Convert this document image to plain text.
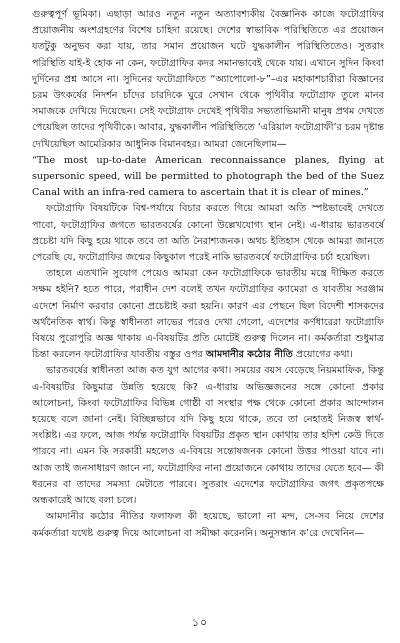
গুরুত্বপূর্ণ ভূমিকা। এছাড়া আরও নতুন নতুন অত্যাবশ্যকীয় বৈজ্ঞানিক কাজে ফটোগ্রাফির প্রয়োজনীয় অংশগ্রহণের বিশেষ চাহিদা রয়েছে। দেশের স্বাভাবিক পরিস্থিতিতে এর প্রয়োজন যতটুকু অনুভব করা যায়, তার সমান প্রয়োজন ঘটে যুদ্ধকালীন পরিস্থিতিতেও। সুতরাং পরিস্থিতি যাই-ই হোক না কেন, ফটোগ্রাফির কদর সমানভাবেই থেকে যায়। এখানে সুদিন কিংবা দুর্দিনের প্রশ্ন আসে না। সুদিনের ফটোগ্রাফিতে “অ্যাপোলো-৮”–এর মহাকাশচারীরা বিজ্ঞানের চরম উৎকর্ষের নিদর্শন চাঁদের চারদিকে ঘুরে সেখান থেকে পৃথিবীর ফটোগ্রাফ তুলে মানব সমাজকে দেখিয়ে দিয়েছেন। সেই ফটোগ্রাফ দেখেই পৃথিবীর সভ্যতাভিমানী মানুষ প্রথম দেখতে পেয়েছিল তাদের পৃথিবীকে। আবার, যুদ্ধকালীন পরিস্থিতিতে ‘এরিয়াল ফটোগ্রাফী’র চরম দৃষ্টান্ত দেখিয়েছিল আমেরিকার আধুনিক বিমানবহর। আমরা জেনেছিলাম—

“The most up-to-date American reconnaissance planes, flying at supersonic speed, will be permitted to photograph the bed of the Suez Canal with an infra-red camera to ascertain that it is clear of mines.”

ফটোগ্রাফি বিষয়টিকে বিশ্ব-পর্যায়ে বিচার করতে গিয়ে আমরা অতি স্পষ্টভাবেই দেখতে পাবো, ফটোগ্রাফির জগতে ভারতবর্ষের কোনো উল্লেখযোগ্য স্থান নেই। এ-ধারায় ভারতবর্ষে প্রচেষ্টা যদি কিছু হয়ে থাকে তবে তা অতি নৈরাশ্যজনক। অথচ ইতিহাস থেকে আমরা জানতে পেরেছি যে, ফটোগ্রাফির জন্মের কিছুকাল পরেই নাকি ভারতবর্ষে ফটোগ্রাফির চর্চা হয়েছিল।

তাহলে এতখানি সুযোগ পেয়েও আমরা কেন ফটোগ্রাফিকে ভারতীয় মন্ত্রে দীক্ষিত করতে সক্ষম হইনি? হতে পারে, পরাধীন দেশ বলেই তখন ফটোগ্রাফির ক্যামেরা ও যাবতীয় সরঞ্জাম এদেশে নির্মাণ করবার কোনো প্রচেষ্টাই করা হয়নি। কারণ এর পেছনে ছিল বিদেশী শাসকদের অর্থনৈতিক স্বার্থ। কিন্তু স্বাধীনতা লাভের পরেও দেখা গেলো, এদেশের কর্ণধারেরা ফটোগ্রাফি বিষয়ে পুরোপুরি অজ্ঞ থাকায় এ-বিষয়টির প্রতি মোটেই গুরুত্ব দিলেন না। কর্মকর্তারা শুধুমাত্র চিন্তা করলেন ফটোগ্রাফির যাবতীয় বস্তুর ওপর আমদানীর কঠোর নীতি প্রয়োগের কথা।

ভারতবর্ষের স্বাধীনতা আজ কত যুগ আগের কথা। সময়ের বয়স বেড়েছে নিয়মমাফিক, কিন্তু এ-বিষয়টির কিছুমাত্র উন্নতি হয়েছে কি? এ-ধারায় অভিজ্ঞজনের সঙ্গে কোনো প্রকার আলোচনা, কিংবা ফটোগ্রাফির বিভিন্ন গোষ্ঠী বা সংস্থার পক্ষ থেকে কোনো প্রকার আন্দোলন হয়েছে বলে জানা নেই। বিচ্ছিন্নভাবে যদি কিছু হয়ে থাকে, তবে তা নেহাতই নিজস্ব স্বার্থ-সংশ্লিষ্ট। এর ফলে, আজ পর্যন্ত ফটোগ্রাফি বিষয়টির প্রকৃত স্থান কোথায় তার হদিশ কেউ দিতে পারবে না। এমন কি সরকারী মহলেও এ-বিষয়ে সন্তোষজনক কোনো উত্তর পাওয়া যাবে না। আজ তাই জনসাধারণ জানে না, ফটোগ্রাফির নানা প্রয়োজনে কোথায় তাদের যেতে হবে— কী ধরনের বা তাদের সমস্যা মেটাতে পারবে। সুতরাং এদেশের ফটোগ্রাফির জগৎ প্রকৃতপক্ষে অন্ধকারেই আছে বলা চলে।

আমদানীর কঠোর নীতির ফলাফল কী হয়েছে, ভালো না মন্দ, সে-সব নিয়ে দেশের কর্মকর্তারা যথেষ্ট গুরুত্ব দিয়ে আলোচনা বা সমীক্ষা করেননি। অনুসন্ধান ক’রে দেখেনিন—

১০
